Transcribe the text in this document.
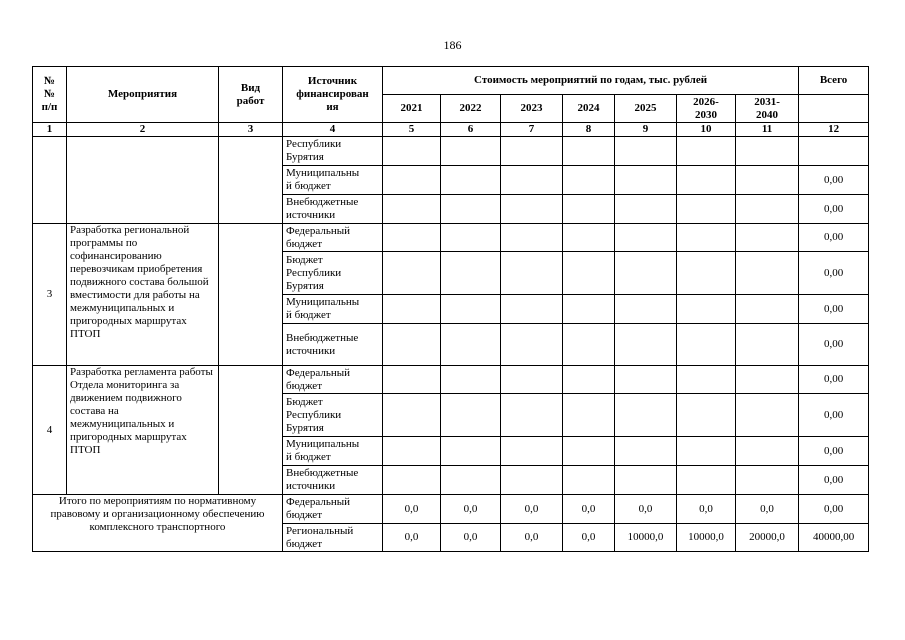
186
№
№
п/п	Мероприятия	Вид
работ	Источник
финансирован
ия	Стоимость мероприятий по годам, тыс. рублей							Всего
				2021	2022	2023	2024	2025	2026-
2030	2031-
2040	
1	2	3	4	5	6	7	8	9	10	11	12
			Республики
Бурятия								
			Муниципальны
й бюджет								0,00
			Внебюджетные
источники								0,00
3	Разработка региональной программы по софинансированию перевозчикам приобретения подвижного состава большой вместимости для работы на межмуниципальных и пригородных маршрутах ПТОП		Федеральный
бюджет								0,00
			Бюджет
Республики
Бурятия								0,00
			Муниципальны
й бюджет								0,00
			Внебюджетные
источники								0,00
4	Разработка регламента работы Отдела мониторинга за движением подвижного состава на межмуниципальных и пригородных маршрутах ПТОП		Федеральный
бюджет								0,00
			Бюджет
Республики
Бурятия								0,00
			Муниципальны
й бюджет								0,00
			Внебюджетные
источники								0,00
Итого по мероприятиям по нормативному правовому и организационному обеспечению комплексного транспортного			Федеральный
бюджет	0,0	0,0	0,0	0,0	0,0	0,0	0,0	0,00
			Региональный
бюджет	0,0	0,0	0,0	0,0	10000,0	10000,0	20000,0	40000,00
